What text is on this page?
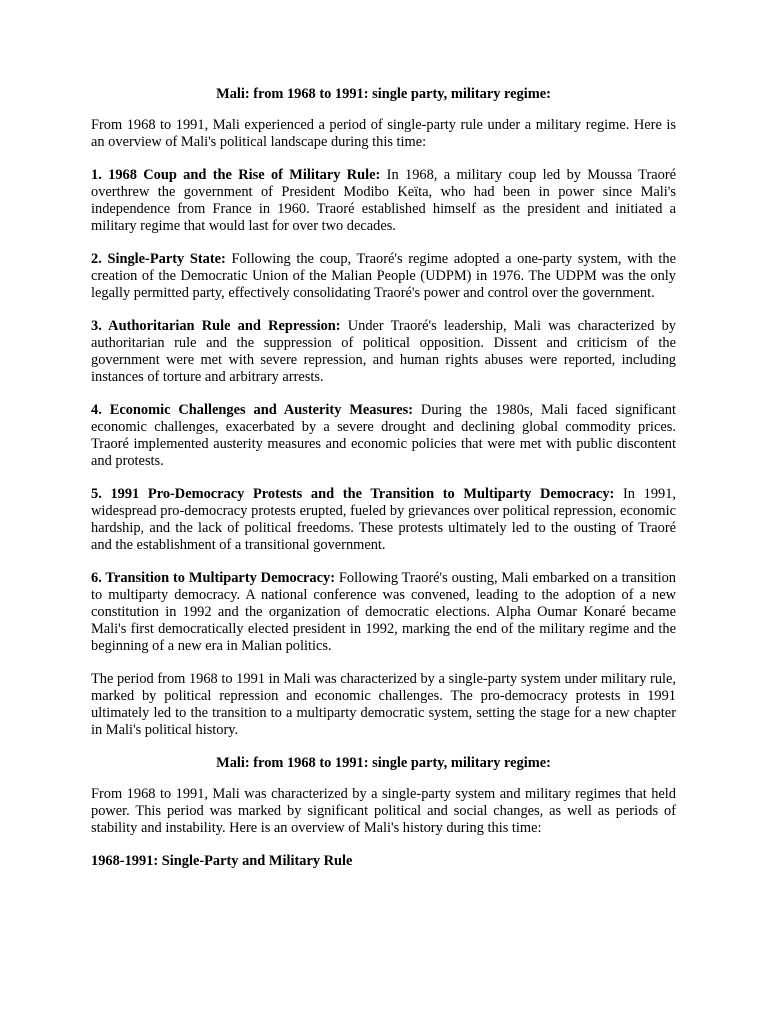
Mali: from 1968 to 1991: single party, military regime:

From 1968 to 1991, Mali experienced a period of single-party rule under a military regime. Here is an overview of Mali's political landscape during this time:

1. 1968 Coup and the Rise of Military Rule: In 1968, a military coup led by Moussa Traoré overthrew the government of President Modibo Keïta, who had been in power since Mali's independence from France in 1960. Traoré established himself as the president and initiated a military regime that would last for over two decades.

2. Single-Party State: Following the coup, Traoré's regime adopted a one-party system, with the creation of the Democratic Union of the Malian People (UDPM) in 1976. The UDPM was the only legally permitted party, effectively consolidating Traoré's power and control over the government.

3. Authoritarian Rule and Repression: Under Traoré's leadership, Mali was characterized by authoritarian rule and the suppression of political opposition. Dissent and criticism of the government were met with severe repression, and human rights abuses were reported, including instances of torture and arbitrary arrests.

4. Economic Challenges and Austerity Measures: During the 1980s, Mali faced significant economic challenges, exacerbated by a severe drought and declining global commodity prices. Traoré implemented austerity measures and economic policies that were met with public discontent and protests.

5. 1991 Pro-Democracy Protests and the Transition to Multiparty Democracy: In 1991, widespread pro-democracy protests erupted, fueled by grievances over political repression, economic hardship, and the lack of political freedoms. These protests ultimately led to the ousting of Traoré and the establishment of a transitional government.

6. Transition to Multiparty Democracy: Following Traoré's ousting, Mali embarked on a transition to multiparty democracy. A national conference was convened, leading to the adoption of a new constitution in 1992 and the organization of democratic elections. Alpha Oumar Konaré became Mali's first democratically elected president in 1992, marking the end of the military regime and the beginning of a new era in Malian politics.

The period from 1968 to 1991 in Mali was characterized by a single-party system under military rule, marked by political repression and economic challenges. The pro-democracy protests in 1991 ultimately led to the transition to a multiparty democratic system, setting the stage for a new chapter in Mali's political history.

Mali: from 1968 to 1991: single party, military regime:

From 1968 to 1991, Mali was characterized by a single-party system and military regimes that held power. This period was marked by significant political and social changes, as well as periods of stability and instability. Here is an overview of Mali's history during this time:

1968-1991: Single-Party and Military Rule
